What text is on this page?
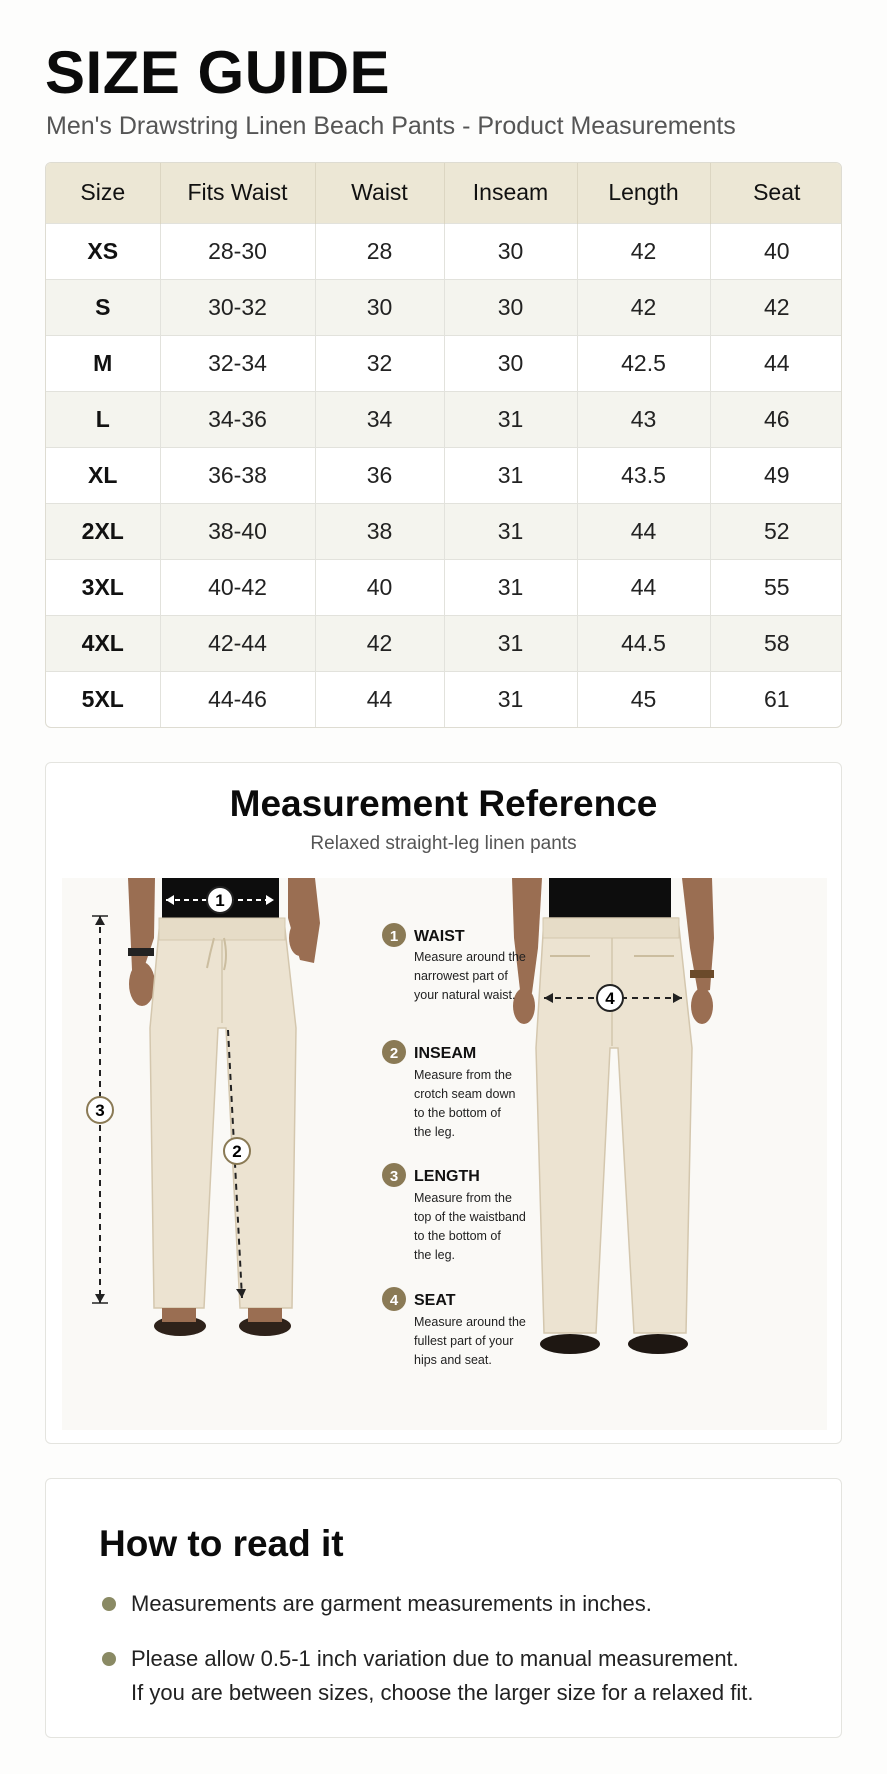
SIZE GUIDE
Men's Drawstring Linen Beach Pants - Product Measurements
Size	Fits Waist	Waist	Inseam	Length	Seat
XS	28-30	28	30	42	40
S	30-32	30	30	42	42
M	32-34	32	30	42.5	44
L	34-36	34	31	43	46
XL	36-38	36	31	43.5	49
2XL	38-40	38	31	44	52
3XL	40-42	40	31	44	55
4XL	42-44	42	31	44.5	58
5XL	44-46	44	31	45	61
Measurement Reference
Relaxed straight-leg linen pants
1
3
2
4
1 WAIST
Measure around the
narrowest part of
your natural waist.
2 INSEAM
Measure from the
crotch seam down
to the bottom of
the leg.
3 LENGTH
Measure from the
top of the waistband
to the bottom of
the leg.
4 SEAT
Measure around the
fullest part of your
hips and seat.
How to read it
Measurements are garment measurements in inches.
Please allow 0.5-1 inch variation due to manual measurement.
If you are between sizes, choose the larger size for a relaxed fit.
